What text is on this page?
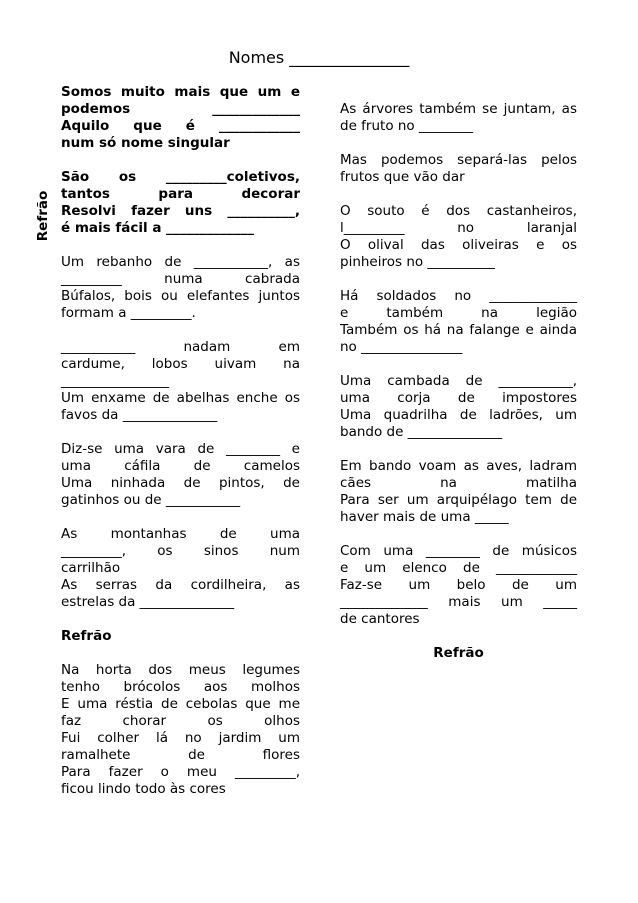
Nomes _______________
Refrão
Somos muito mais que um e
podemos _____________
Aquilo que é ____________
num só nome singular
São os _________coletivos,
tantos para decorar
Resolvi fazer uns __________,
é mais fácil a _____________
Um rebanho de ___________, as
_________ numa cabrada
Búfalos, bois ou elefantes juntos
formam a _________.
___________ nadam em
cardume, lobos uivam na
________________
Um enxame de abelhas enche os
favos da ______________
Diz-se uma vara de ________ e
uma cáfila de camelos
Uma ninhada de pintos, de
gatinhos ou de ___________
As montanhas de uma
_________, os sinos num
carrilhão
As serras da cordilheira, as
estrelas da ______________
Refrão
Na horta dos meus legumes
tenho brócolos aos molhos
E uma réstia de cebolas que me
faz chorar os olhos
Fui colher lá no jardim um
ramalhete de flores
Para fazer o meu _________,
ficou lindo todo às cores
As árvores também se juntam, as
de fruto no ________
Mas podemos separá-las pelos
frutos que vão dar
O souto é dos castanheiros,
l_________ no laranjal
O olival das oliveiras e os
pinheiros no __________
Há soldados no _____________
e também na legião
Também os há na falange e ainda
no _______________
Uma cambada de ___________,
uma corja de impostores
Uma quadrilha de ladrões, um
bando de ______________
Em bando voam as aves, ladram
cães na matilha
Para ser um arquipélago tem de
haver mais de uma _____
Com uma ________ de músicos
e um elenco de ____________
Faz-se um belo de um
_____________ mais um _____
de cantores
Refrão
